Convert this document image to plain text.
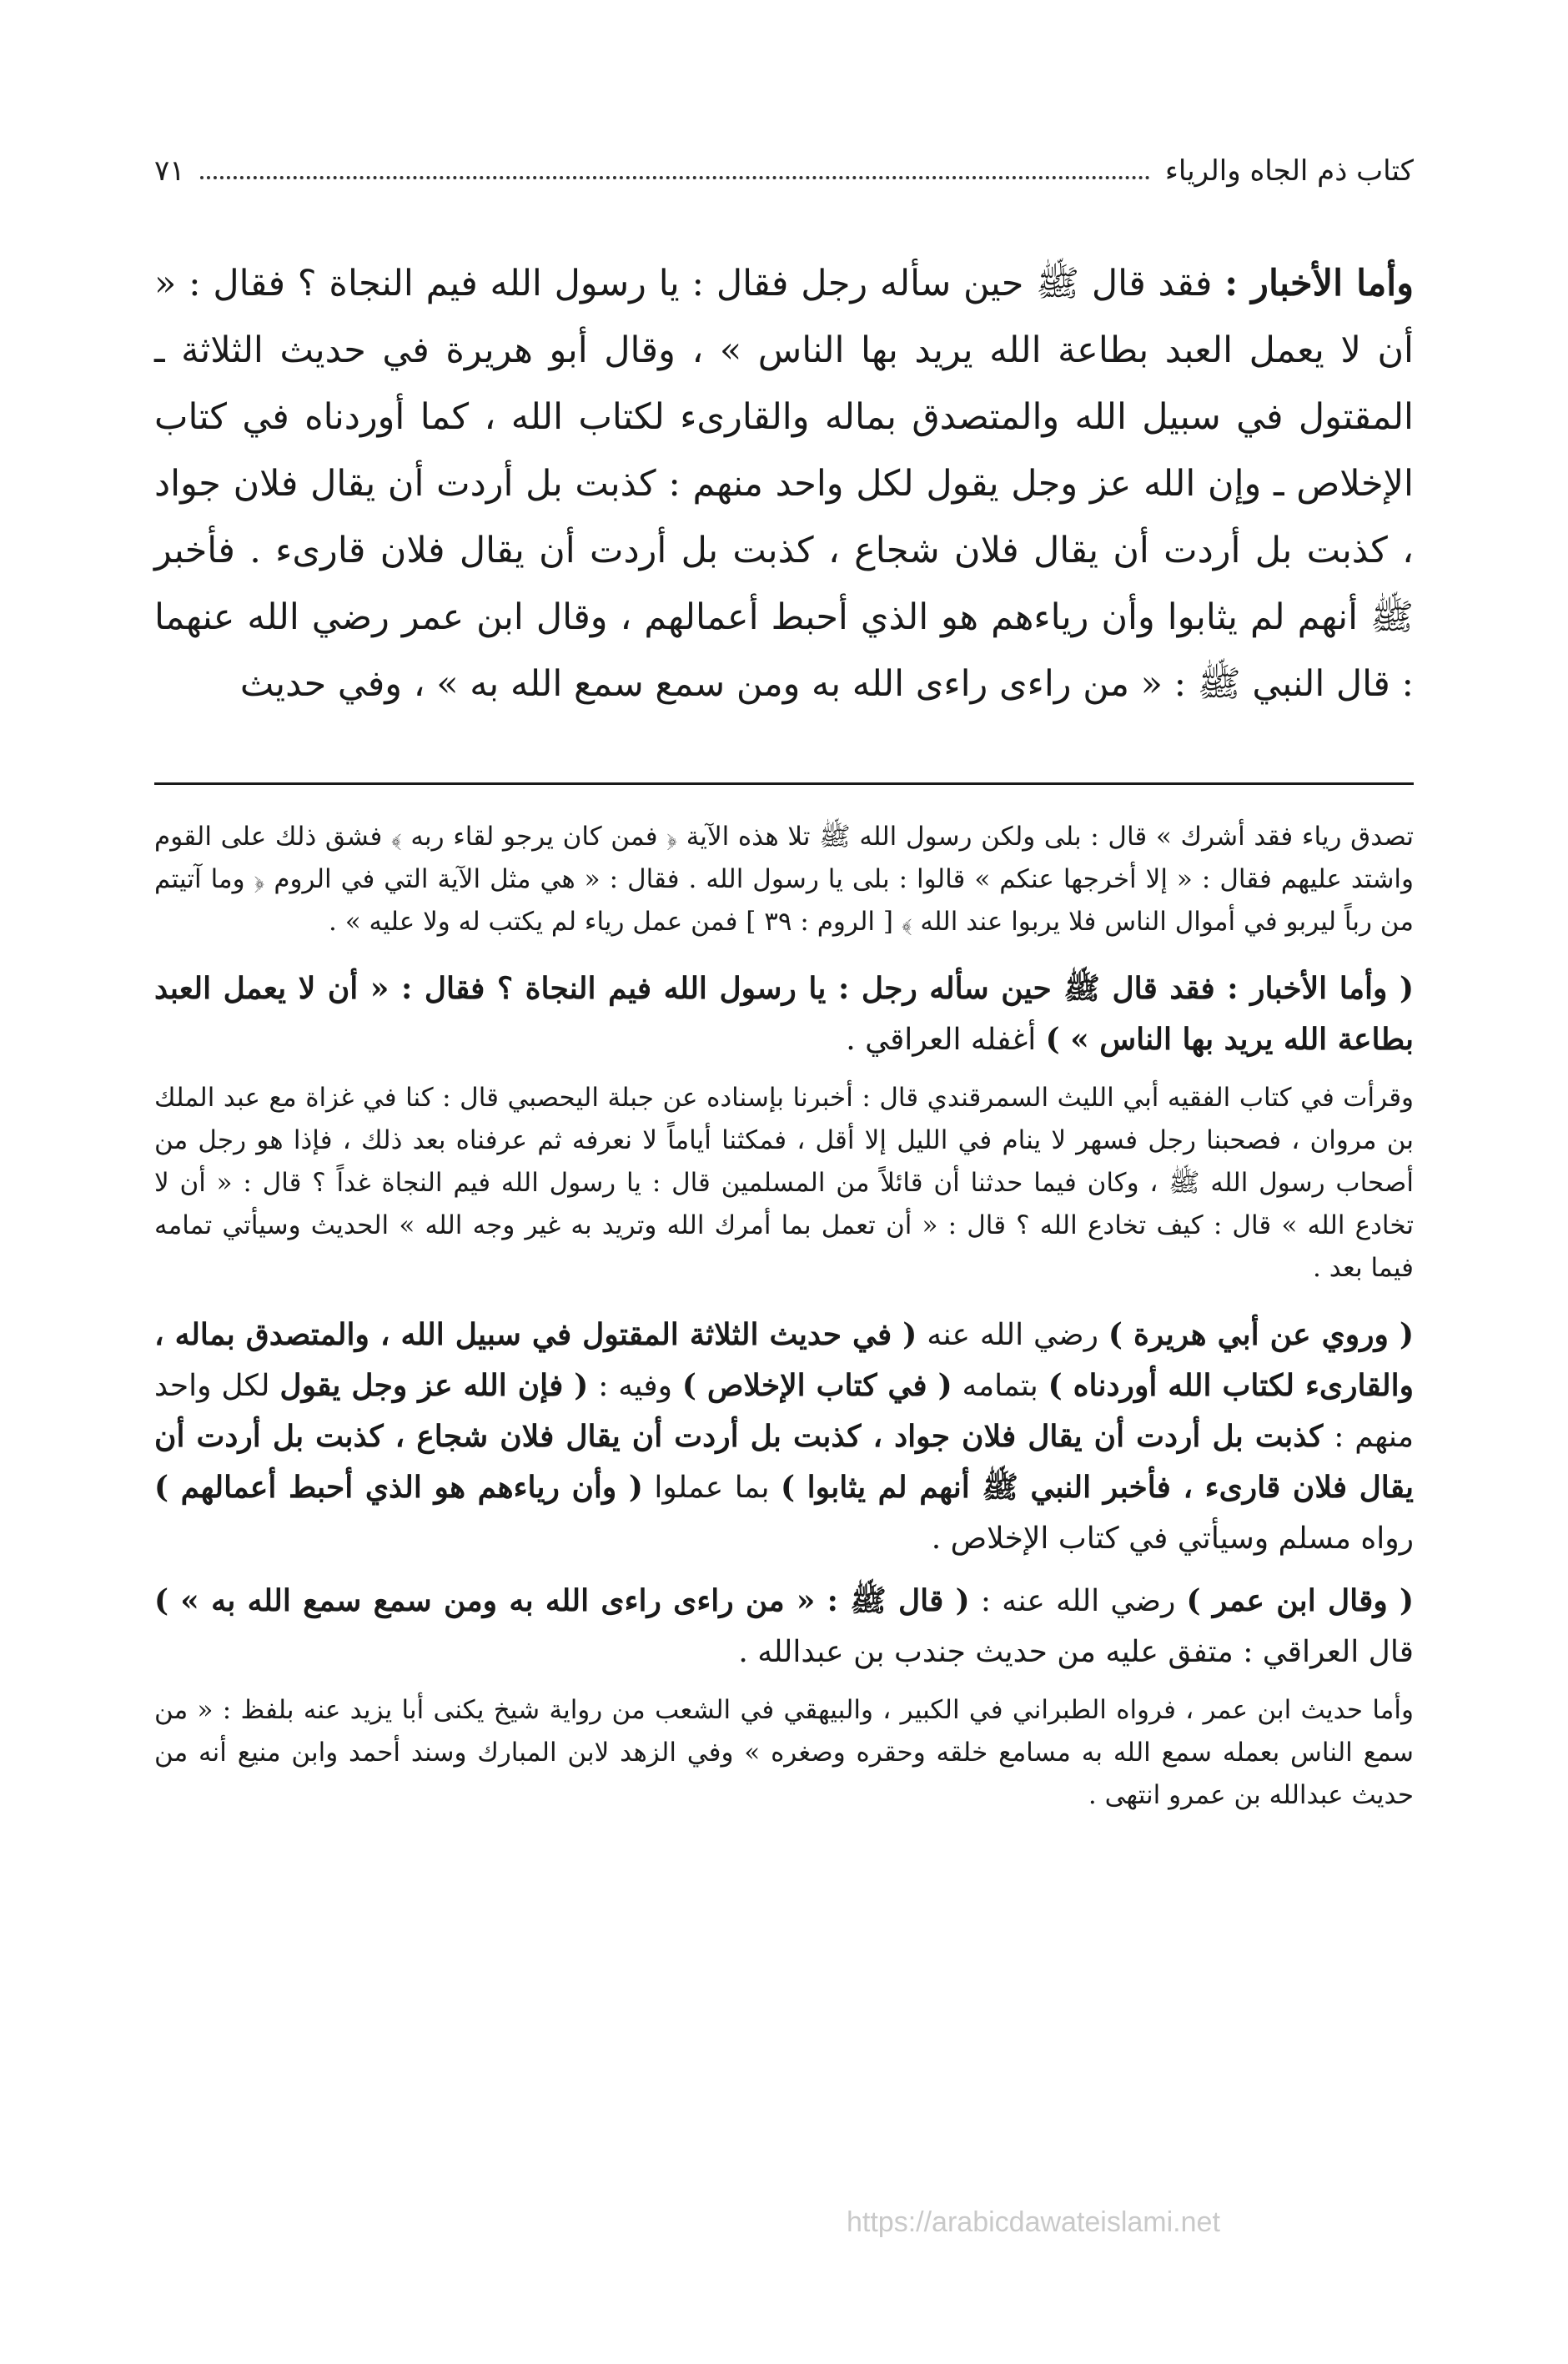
كتاب ذم الجاه والرياء
٧١

وأما الأخبار : فقد قال ﷺ حين سأله رجل فقال : يا رسول الله فيم النجاة ؟ فقال : « أن لا يعمل العبد بطاعة الله يريد بها الناس » ، وقال أبو هريرة في حديث الثلاثة ـ المقتول في سبيل الله والمتصدق بماله والقارىء لكتاب الله ، كما أوردناه في كتاب الإخلاص ـ وإن الله عز وجل يقول لكل واحد منهم : كذبت بل أردت أن يقال فلان جواد ، كذبت بل أردت أن يقال فلان شجاع ، كذبت بل أردت أن يقال فلان قارىء . فأخبر ﷺ أنهم لم يثابوا وأن رياءهم هو الذي أحبط أعمالهم ، وقال ابن عمر رضي الله عنهما : قال النبي ﷺ : « من راءى راءى الله به ومن سمع سمع الله به » ، وفي حديث

تصدق رياء فقد أشرك » قال : بلى ولكن رسول الله ﷺ تلا هذه الآية ﴿ فمن كان يرجو لقاء ربه ﴾ فشق ذلك على القوم واشتد عليهم فقال : « إلا أخرجها عنكم » قالوا : بلى يا رسول الله . فقال : « هي مثل الآية التي في الروم ﴿ وما آتيتم من رباً ليربو في أموال الناس فلا يربوا عند الله ﴾ [ الروم : ٣٩ ] فمن عمل رياء لم يكتب له ولا عليه » .

( وأما الأخبار : فقد قال ﷺ حين سأله رجل : يا رسول الله فيم النجاة ؟ فقال : « أن لا يعمل العبد بطاعة الله يريد بها الناس » ) أغفله العراقي .

وقرأت في كتاب الفقيه أبي الليث السمرقندي قال : أخبرنا بإسناده عن جبلة اليحصبي قال : كنا في غزاة مع عبد الملك بن مروان ، فصحبنا رجل فسهر لا ينام في الليل إلا أقل ، فمكثنا أياماً لا نعرفه ثم عرفناه بعد ذلك ، فإذا هو رجل من أصحاب رسول الله ﷺ ، وكان فيما حدثنا أن قائلاً من المسلمين قال : يا رسول الله فيم النجاة غداً ؟ قال : « أن لا تخادع الله » قال : كيف تخادع الله ؟ قال : « أن تعمل بما أمرك الله وتريد به غير وجه الله » الحديث وسيأتي تمامه فيما بعد .

( وروي عن أبي هريرة ) رضي الله عنه ( في حديث الثلاثة المقتول في سبيل الله ، والمتصدق بماله ، والقارىء لكتاب الله أوردناه ) بتمامه ( في كتاب الإخلاص ) وفيه : ( فإن الله عز وجل يقول لكل واحد منهم : كذبت بل أردت أن يقال فلان جواد ، كذبت بل أردت أن يقال فلان شجاع ، كذبت بل أردت أن يقال فلان قارىء ، فأخبر النبي ﷺ أنهم لم يثابوا ) بما عملوا ( وأن رياءهم هو الذي أحبط أعمالهم ) رواه مسلم وسيأتي في كتاب الإخلاص .

( وقال ابن عمر ) رضي الله عنه : ( قال ﷺ : « من راءى راءى الله به ومن سمع سمع الله به » ) قال العراقي : متفق عليه من حديث جندب بن عبدالله .

وأما حديث ابن عمر ، فرواه الطبراني في الكبير ، والبيهقي في الشعب من رواية شيخ يكنى أبا يزيد عنه بلفظ : « من سمع الناس بعمله سمع الله به مسامع خلقه وحقره وصغره » وفي الزهد لابن المبارك وسند أحمد وابن منيع أنه من حديث عبدالله بن عمرو انتهى .

https://arabicdawateislami.net
